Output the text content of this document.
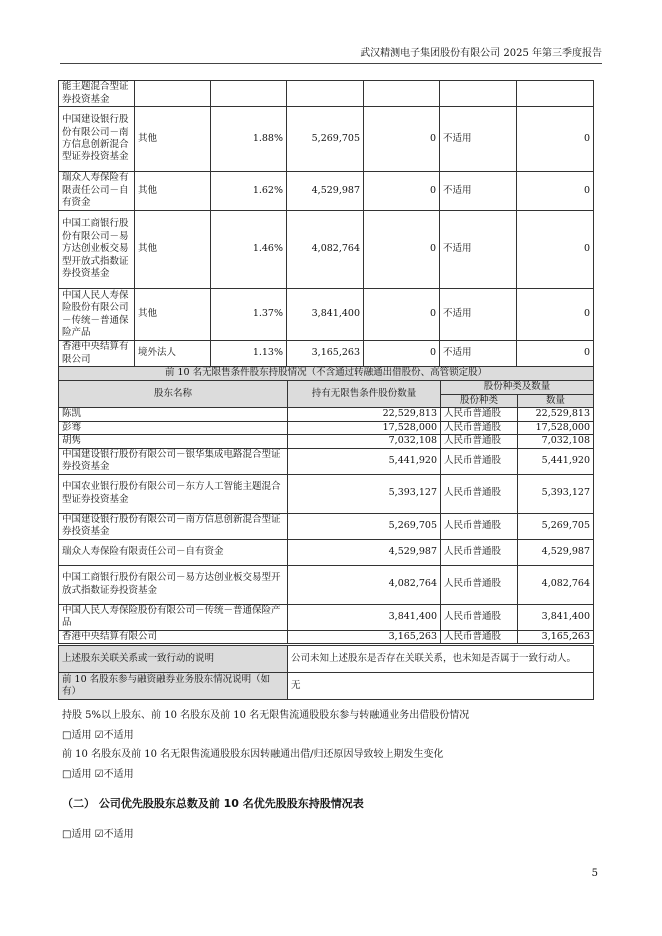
武汉精测电子集团股份有限公司 2025 年第三季度报告
能主题混合型证券投资基金						
中国建设银行股份有限公司－南方信息创新混合型证券投资基金	其他	1.88%	5,269,705	0	不适用	0
瑞众人寿保险有限责任公司－自有资金	其他	1.62%	4,529,987	0	不适用	0
中国工商银行股份有限公司－易方达创业板交易型开放式指数证券投资基金	其他	1.46%	4,082,764	0	不适用	0
中国人民人寿保险股份有限公司－传统－普通保险产品	其他	1.37%	3,841,400	0	不适用	0
香港中央结算有限公司	境外法人	1.13%	3,165,263	0	不适用	0
前 10 名无限售条件股东持股情况（不含通过转融通出借股份、高管锁定股）			
股东名称	持有无限售条件股份数量	股份种类及数量	
		股份种类	数量
陈凯	22,529,813	人民币普通股	22,529,813
彭骞	17,528,000	人民币普通股	17,528,000
胡隽	7,032,108	人民币普通股	7,032,108
中国建设银行股份有限公司－银华集成电路混合型证券投资基金	5,441,920	人民币普通股	5,441,920
中国农业银行股份有限公司－东方人工智能主题混合型证券投资基金	5,393,127	人民币普通股	5,393,127
中国建设银行股份有限公司－南方信息创新混合型证券投资基金	5,269,705	人民币普通股	5,269,705
瑞众人寿保险有限责任公司－自有资金	4,529,987	人民币普通股	4,529,987
中国工商银行股份有限公司－易方达创业板交易型开放式指数证券投资基金	4,082,764	人民币普通股	4,082,764
中国人民人寿保险股份有限公司－传统－普通保险产品	3,841,400	人民币普通股	3,841,400
香港中央结算有限公司	3,165,263	人民币普通股	3,165,263
上述股东关联关系或一致行动的说明	公司未知上述股东是否存在关联关系，也未知是否属于一致行动人。
前 10 名股东参与融资融券业务股东情况说明（如有）	无
持股 5%以上股东、前 10 名股东及前 10 名无限售流通股股东参与转融通业务出借股份情况
□适用 ☑不适用
前 10 名股东及前 10 名无限售流通股股东因转融通出借/归还原因导致较上期发生变化
□适用 ☑不适用
（二） 公司优先股股东总数及前 10 名优先股股东持股情况表
□适用 ☑不适用
5
